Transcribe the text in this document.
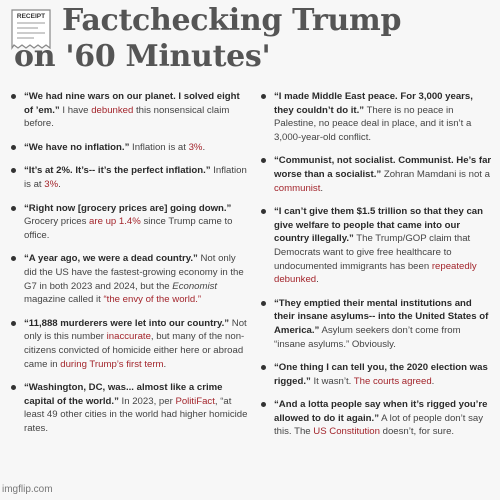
RECEIPT Factchecking Trump
on '60 Minutes'
“We had nine wars on our planet. I solved eight of ’em.” I have debunked this nonsensical claim before.
“We have no inflation.” Inflation is at 3%.
“It’s at 2%. It’s-- it’s the perfect inflation.” Inflation is at 3%.
“Right now [grocery prices are] going down.” Grocery prices are up 1.4% since Trump came to office.
“A year ago, we were a dead country.” Not only did the US have the fastest-growing economy in the G7 in both 2023 and 2024, but the Economist magazine called it “the envy of the world.”
“11,888 murderers were let into our country.” Not only is this number inaccurate, but many of the non-citizens convicted of homicide either here or abroad came in during Trump’s first term.
“Washington, DC, was... almost like a crime capital of the world.” In 2023, per PolitiFact, “at least 49 other cities in the world had higher homicide rates.
“I made Middle East peace. For 3,000 years, they couldn’t do it.” There is no peace in Palestine, no peace deal in place, and it isn’t a 3,000-year-old conflict.
“Communist, not socialist. Communist. He’s far worse than a socialist.” Zohran Mamdani is not a communist.
“I can’t give them $1.5 trillion so that they can give welfare to people that came into our country illegally.” The Trump/GOP claim that Democrats want to give free healthcare to undocumented immigrants has been repeatedly debunked.
“They emptied their mental institutions and their insane asylums-- into the United States of America.” Asylum seekers don’t come from “insane asylums.” Obviously.
“One thing I can tell you, the 2020 election was rigged.” It wasn’t. The courts agreed.
“And a lotta people say when it’s rigged you’re allowed to do it again.” A lot of people don’t say this. The US Constitution doesn’t, for sure.
imgflip.com
